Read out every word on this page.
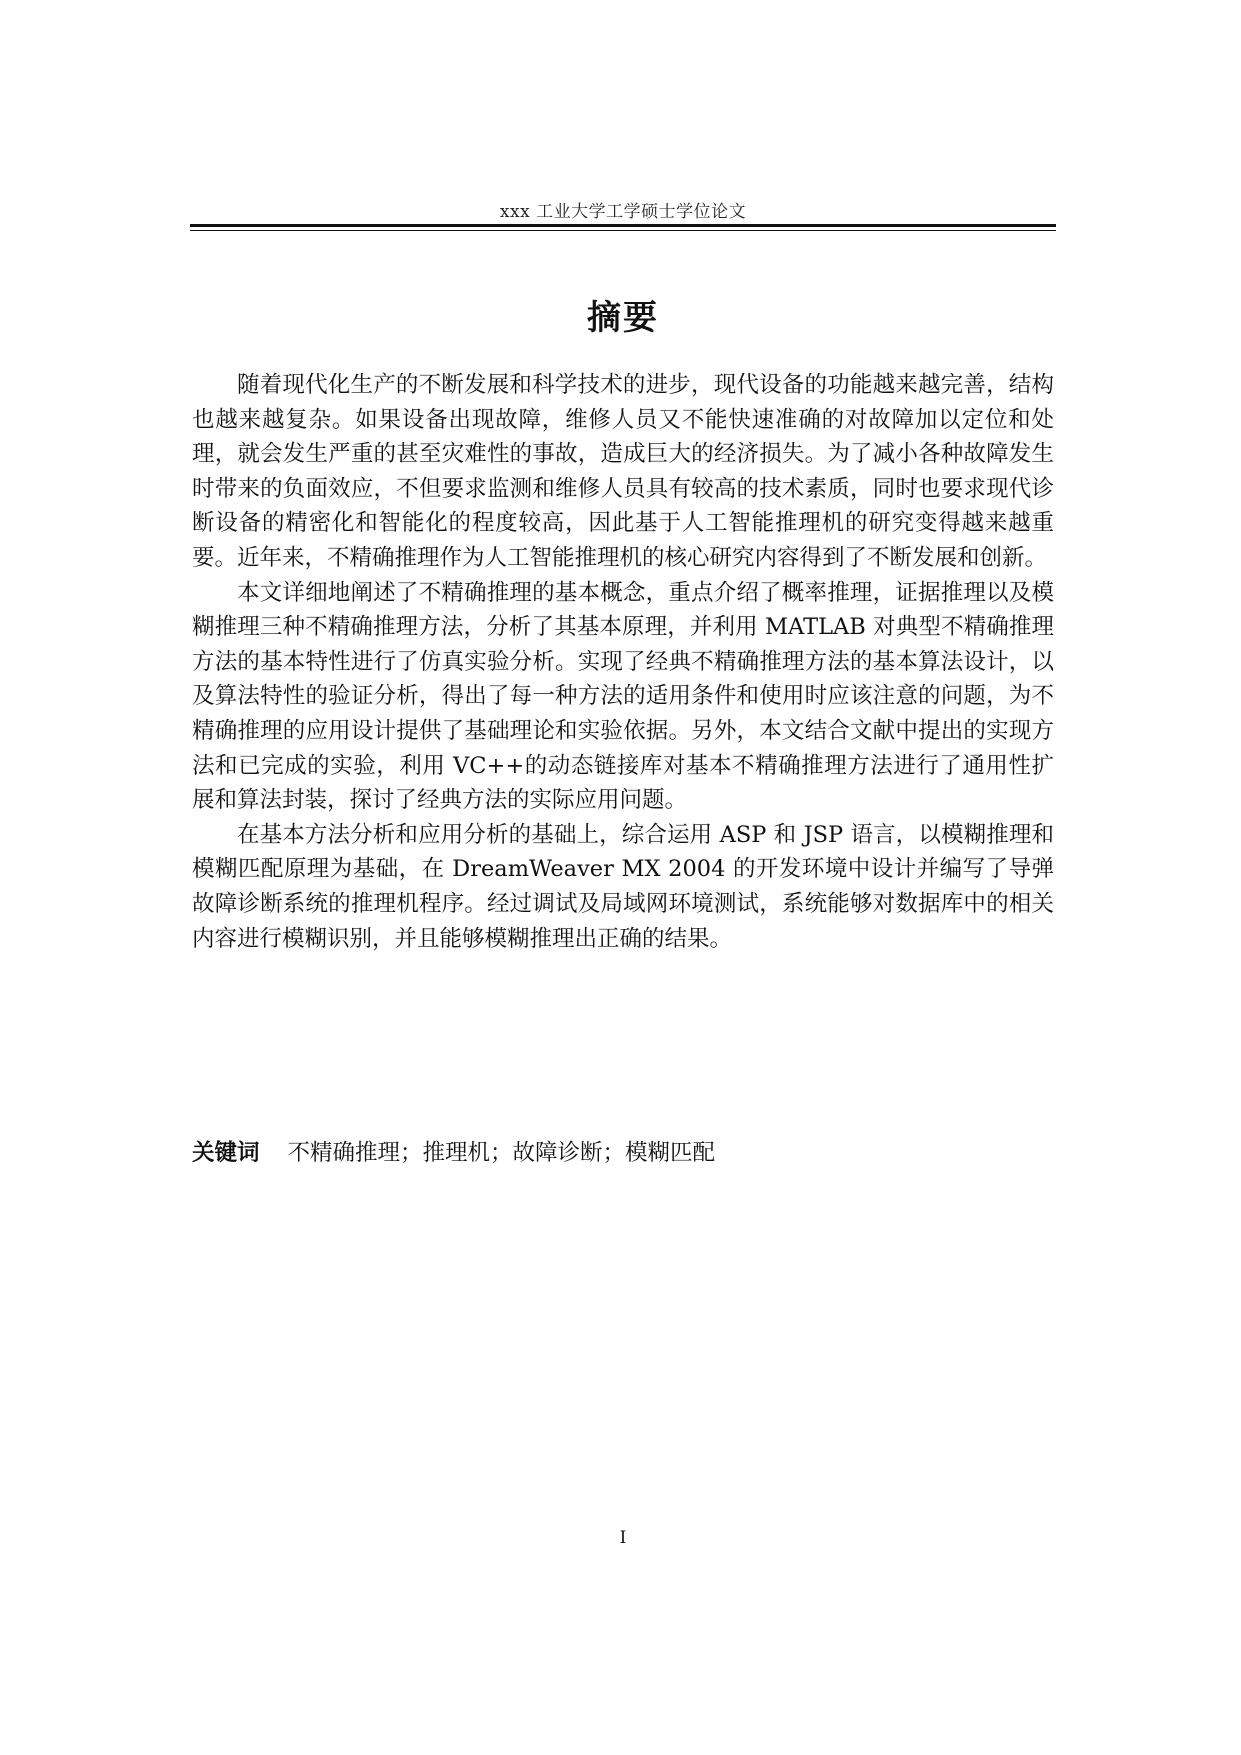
xxx 工业大学工学硕士学位论文
摘要

随着现代化生产的不断发展和科学技术的进步，现代设备的功能越来越完善，结构也越来越复杂。如果设备出现故障，维修人员又不能快速准确的对故障加以定位和处理，就会发生严重的甚至灾难性的事故，造成巨大的经济损失。为了减小各种故障发生时带来的负面效应，不但要求监测和维修人员具有较高的技术素质，同时也要求现代诊断设备的精密化和智能化的程度较高，因此基于人工智能推理机的研究变得越来越重要。近年来，不精确推理作为人工智能推理机的核心研究内容得到了不断发展和创新。

本文详细地阐述了不精确推理的基本概念，重点介绍了概率推理，证据推理以及模糊推理三种不精确推理方法，分析了其基本原理，并利用 MATLAB 对典型不精确推理方法的基本特性进行了仿真实验分析。实现了经典不精确推理方法的基本算法设计，以及算法特性的验证分析，得出了每一种方法的适用条件和使用时应该注意的问题，为不精确推理的应用设计提供了基础理论和实验依据。另外，本文结合文献中提出的实现方法和已完成的实验，利用 VC++的动态链接库对基本不精确推理方法进行了通用性扩展和算法封装，探讨了经典方法的实际应用问题。

在基本方法分析和应用分析的基础上，综合运用 ASP 和 JSP 语言，以模糊推理和模糊匹配原理为基础，在 DreamWeaver MX 2004 的开发环境中设计并编写了导弹故障诊断系统的推理机程序。经过调试及局域网环境测试，系统能够对数据库中的相关内容进行模糊识别，并且能够模糊推理出正确的结果。

关键词 不精确推理；推理机；故障诊断；模糊匹配
I
